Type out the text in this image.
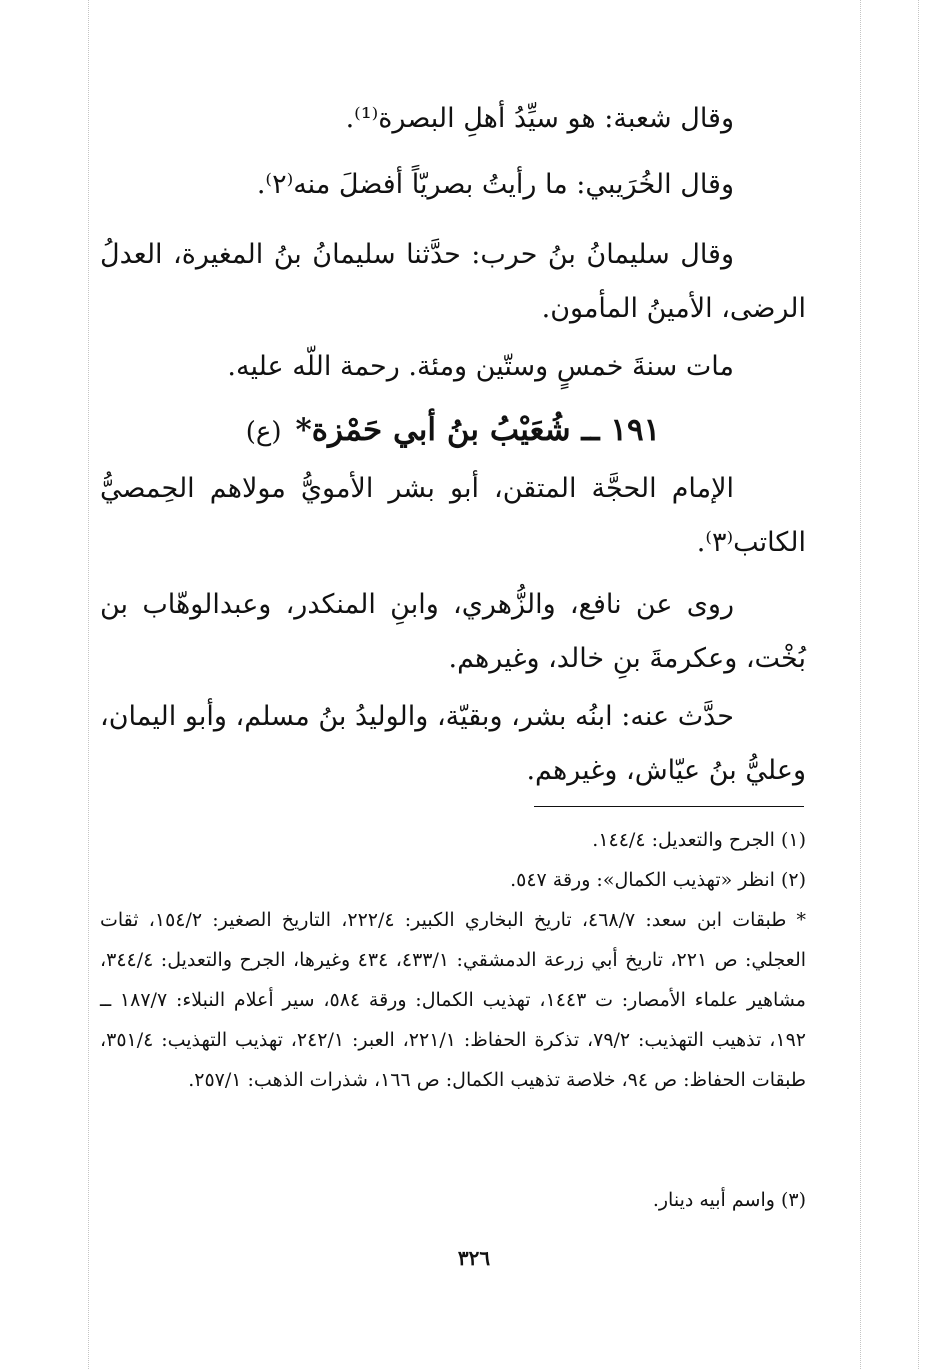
وقال شعبة: هو سيِّدُ أهلِ البصرة⁽¹⁾.
وقال الخُرَيبي: ما رأيتُ بصريّاً أفضلَ منه⁽٢⁾.
وقال سليمانُ بنُ حرب: حدَّثنا سليمانُ بنُ المغيرة، العدلُ الرضى، الأمينُ المأمون.
مات سنةَ خمسٍ وستّين ومئة. رحمة اللّه عليه.
١٩١ ــ شُعَيْبُ بنُ أبي حَمْزة*(ع)
الإمام الحجَّة المتقن، أبو بشر الأمويُّ مولاهم الحِمصيُّ الكاتب⁽٣⁾.
روى عن نافع، والزُّهري، وابنِ المنكدر، وعبدالوهّاب بن بُخْت، وعكرمةَ بنِ خالد، وغيرهم.
حدَّث عنه: ابنُه بشر، وبقيّة، والوليدُ بنُ مسلم، وأبو اليمان، وعليُّ بنُ عيّاش، وغيرهم.
(١) الجرح والتعديل: ١٤٤/٤.
(٢) انظر «تهذيب الكمال»: ورقة ٥٤٧.
* طبقات ابن سعد: ٤٦٨/٧، تاريخ البخاري الكبير: ٢٢٢/٤، التاريخ الصغير: ١٥٤/٢، ثقات العجلي: ص ٢٢١، تاريخ أبي زرعة الدمشقي: ٤٣٣/١، ٤٣٤ وغيرها، الجرح والتعديل: ٣٤٤/٤، مشاهير علماء الأمصار: ت ١٤٤٣، تهذيب الكمال: ورقة ٥٨٤، سير أعلام النبلاء: ١٨٧/٧ ــ ١٩٢، تذهيب التهذيب: ٧٩/٢، تذكرة الحفاظ: ٢٢١/١، العبر: ٢٤٢/١، تهذيب التهذيب: ٣٥١/٤، طبقات الحفاظ: ص ٩٤، خلاصة تذهيب الكمال: ص ١٦٦، شذرات الذهب: ٢٥٧/١.
(٣) واسم أبيه دينار.
٣٢٦
